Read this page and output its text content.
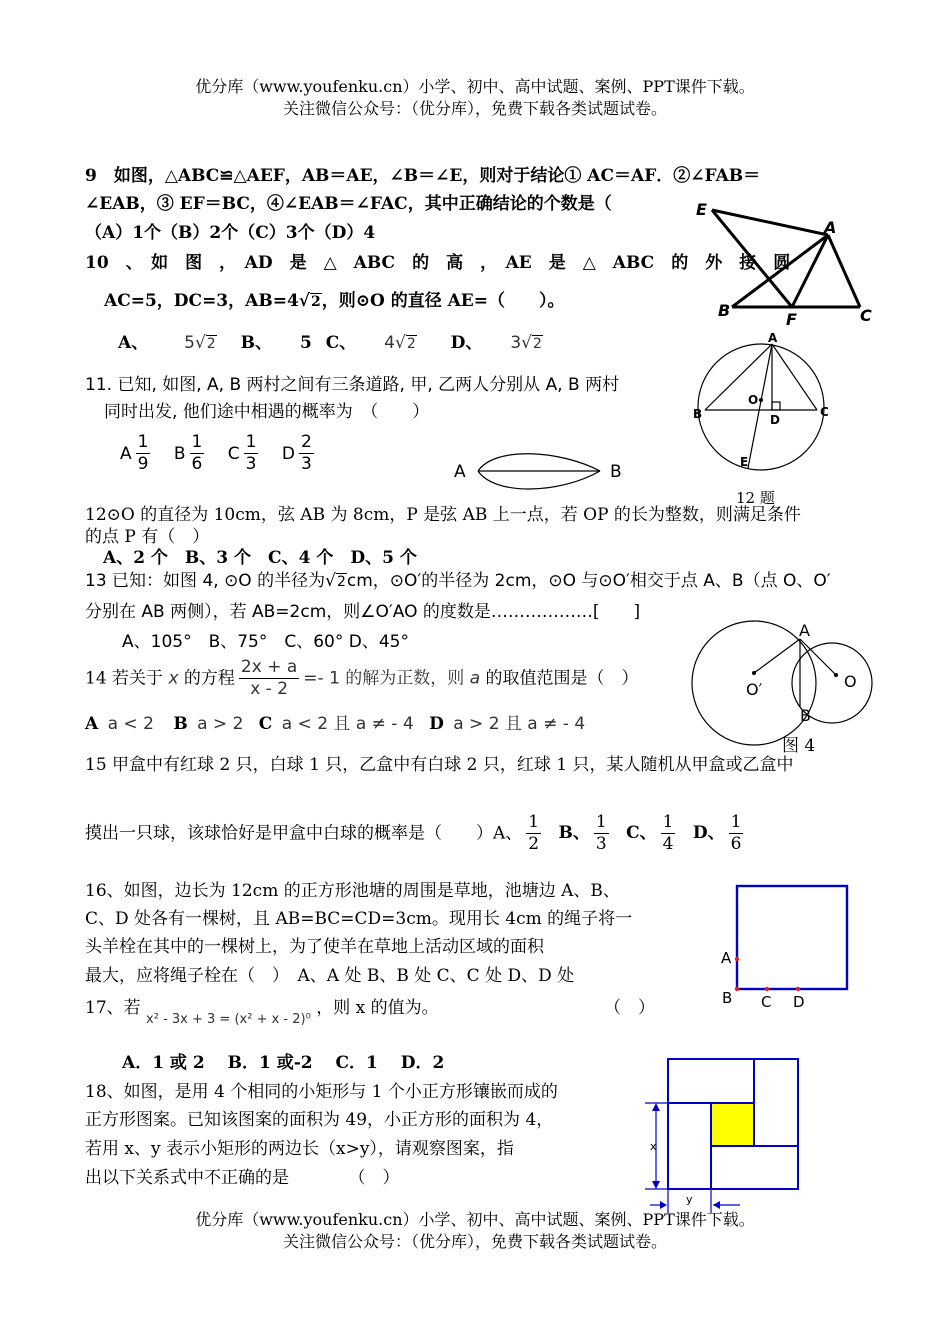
优分库（www.youfenku.cn）小学、初中、高中试题、案例、PPT课件下载。
关注微信公众号：（优分库），免费下载各类试题试卷。
9　如图，△ABC≌△AEF，AB＝AE，∠B＝∠E，则对于结论① AC＝AF．②∠FAB＝
∠EAB，③ EF＝BC，④∠EAB＝∠FAC，其中正确结论的个数是（
（A）1个（B）2个（C）3个（D）4
E
A
B	F	C
10　、　如　图　，　AD　是　△　ABC　的　高　，　AE　是　△　ABC　的　外　接　圆
AC=5，DC=3，AB=4√2，则⊙O 的直径 AE=（　　）。
A、 5√2 B、 5 C、 4√2 D、 3√2	A
B	C
O
D
E
12 题
11. 已知, 如图, A, B 两村之间有三条道路, 甲, 乙两人分别从 A, B 两村
同时出发, 他们途中相遇的概率为　（　　）
A $\frac{1}{9}$ B $\frac{1}{6}$ C $\frac{1}{3}$ D $\frac{2}{3}$	A	B
12⊙O 的直径为 10cm，弦 AB 为 8cm，P 是弦 AB 上一点，若 OP 的长为整数，则满足条件
的点 P 有（　）
A、2 个　B、3 个　C、4 个　D、5 个
13 已知：如图 4, ⊙O 的半径为√2cm，⊙O′的半径为 2cm，⊙O 与⊙O′相交于点 A、B（点 O、O′
分别在 AB 两侧），若 AB=2cm，则∠O′AO 的度数是………………[　　]
A、105°　B、75°　C、60° D、45°
A
B
O′	O
图 4
14 若关于 x 的方程 $\frac{2x + a}{x - 2} =- 1$ 的解为正数，则 a 的取值范围是（　）
A a < 2 B a > 2 C a < 2 且 a ≠ - 4 D a > 2 且 a ≠ - 4
15 甲盒中有红球 2 只，白球 1 只，乙盒中有白球 2 只，红球 1 只，某人随机从甲盒或乙盒中
摸出一只球，该球恰好是甲盒中白球的概率是（　　）A、 $\frac{1}{2}$ B、 $\frac{1}{3}$ C、 $\frac{1}{4}$ D、 $\frac{1}{6}$
16、如图，边长为 12cm 的正方形池塘的周围是草地，池塘边 A、B、
C、D 处各有一棵树，且 AB=BC=CD=3cm。现用长 4cm 的绳子将一
头羊栓在其中的一棵树上，为了使羊在草地上活动区域的面积
最大，应将绳子栓在（　）　A、A 处 B、B 处 C、C 处 D、D 处
A
B C D
17、若 $_{x^2 - 3x + 3 = (x^2 + x - 2)^0}$ ，则 x 的值为。	（　）
A．1 或 2　 B．1 或-2　 C．1　 D．2
18、如图，是用 4 个相同的小矩形与 1 个小正方形镶嵌而成的
正方形图案。已知该图案的面积为 49，小正方形的面积为 4，
若用 x、y 表示小矩形的两边长（x>y），请观察图案，指
出以下关系式中不正确的是　　　　（　）
x
y
优分库（www.youfenku.cn）小学、初中、高中试题、案例、PPT课件下载。
关注微信公众号：（优分库），免费下载各类试题试卷。
